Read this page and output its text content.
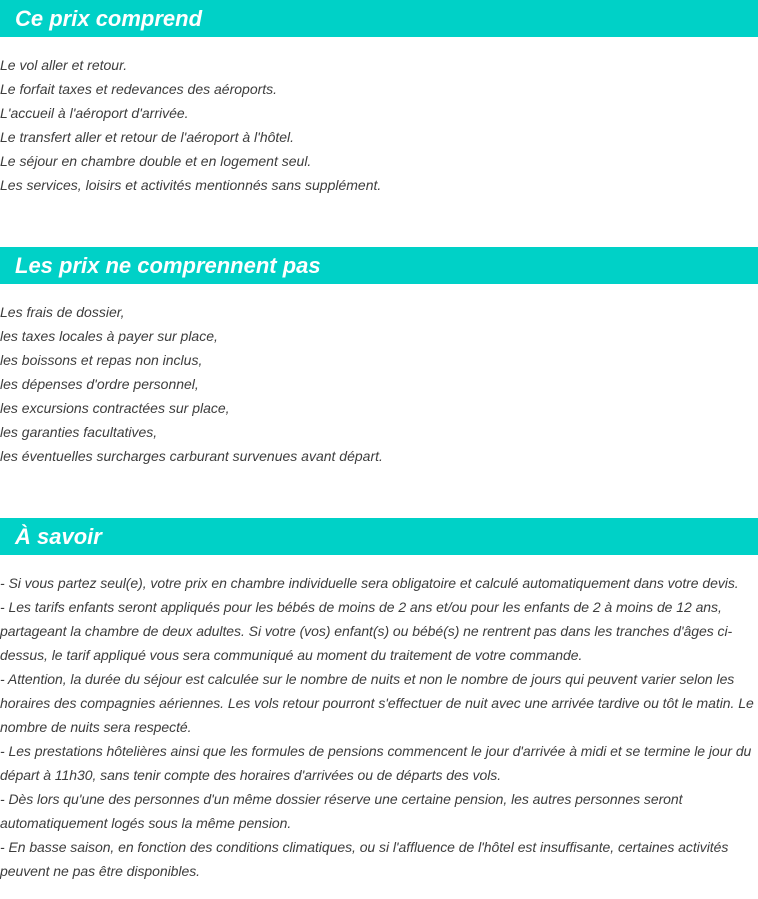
Ce prix comprend

Le vol aller et retour.

Le forfait taxes et redevances des aéroports.

L'accueil à l'aéroport d'arrivée.

Le transfert aller et retour de l'aéroport à l'hôtel.

Le séjour en chambre double et en logement seul.

Les services, loisirs et activités mentionnés sans supplément.

Les prix ne comprennent pas

Les frais de dossier,

les taxes locales à payer sur place,

les boissons et repas non inclus,

les dépenses d'ordre personnel,

les excursions contractées sur place,

les garanties facultatives,

les éventuelles surcharges carburant survenues avant départ.

À savoir

- Si vous partez seul(e), votre prix en chambre individuelle sera obligatoire et calculé automatiquement dans votre devis.

- Les tarifs enfants seront appliqués pour les bébés de moins de 2 ans et/ou pour les enfants de 2 à moins de 12 ans, partageant la chambre de deux adultes. Si votre (vos) enfant(s) ou bébé(s) ne rentrent pas dans les tranches d'âges ci-dessus, le tarif appliqué vous sera communiqué au moment du traitement de votre commande.

- Attention, la durée du séjour est calculée sur le nombre de nuits et non le nombre de jours qui peuvent varier selon les horaires des compagnies aériennes. Les vols retour pourront s'effectuer de nuit avec une arrivée tardive ou tôt le matin. Le nombre de nuits sera respecté.

- Les prestations hôtelières ainsi que les formules de pensions commencent le jour d'arrivée à midi et se termine le jour du départ à 11h30, sans tenir compte des horaires d'arrivées ou de départs des vols.

- Dès lors qu'une des personnes d'un même dossier réserve une certaine pension, les autres personnes seront automatiquement logés sous la même pension.

- En basse saison, en fonction des conditions climatiques, ou si l'affluence de l'hôtel est insuffisante, certaines activités peuvent ne pas être disponibles.
